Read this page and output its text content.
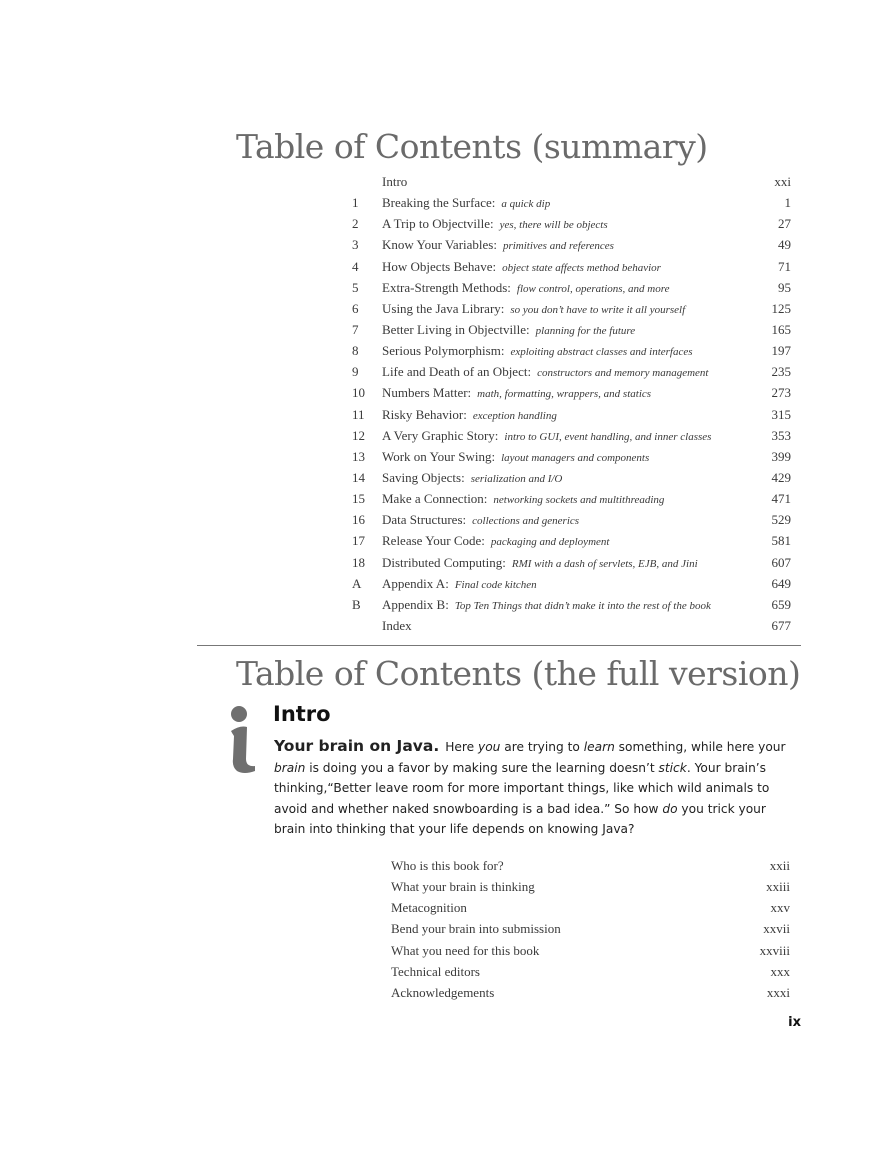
Table of Contents (summary)
Intro	xxi
1 Breaking the Surface: a quick dip	1
2 A Trip to Objectville: yes, there will be objects	27
3 Know Your Variables: primitives and references	49
4 How Objects Behave: object state affects method behavior	71
5 Extra-Strength Methods: flow control, operations, and more	95
6 Using the Java Library: so you don’t have to write it all yourself	125
7 Better Living in Objectville: planning for the future	165
8 Serious Polymorphism: exploiting abstract classes and interfaces	197
9 Life and Death of an Object: constructors and memory management	235
10 Numbers Matter: math, formatting, wrappers, and statics	273
11 Risky Behavior: exception handling	315
12 A Very Graphic Story: intro to GUI, event handling, and inner classes	353
13 Work on Your Swing: layout managers and components	399
14 Saving Objects: serialization and I/O	429
15 Make a Connection: networking sockets and multithreading	471
16 Data Structures: collections and generics	529
17 Release Your Code: packaging and deployment	581
18 Distributed Computing: RMI with a dash of servlets, EJB, and Jini	607
A Appendix A: Final code kitchen	649
B Appendix B: Top Ten Things that didn’t make it into the rest of the book	659
Index	677
Table of Contents (the full version)
Intro

Your brain on Java. Here you are trying to learn something, while here your brain is doing you a favor by making sure the learning doesn’t stick. Your brain’s thinking,“Better leave room for more important things, like which wild animals to avoid and whether naked snowboarding is a bad idea.” So how do you trick your brain into thinking that your life depends on knowing Java?

Who is this book for?	xxii
What your brain is thinking	xxiii
Metacognition	xxv
Bend your brain into submission	xxvii
What you need for this book	xxviii
Technical editors	xxx
Acknowledgements	xxxi
ix
